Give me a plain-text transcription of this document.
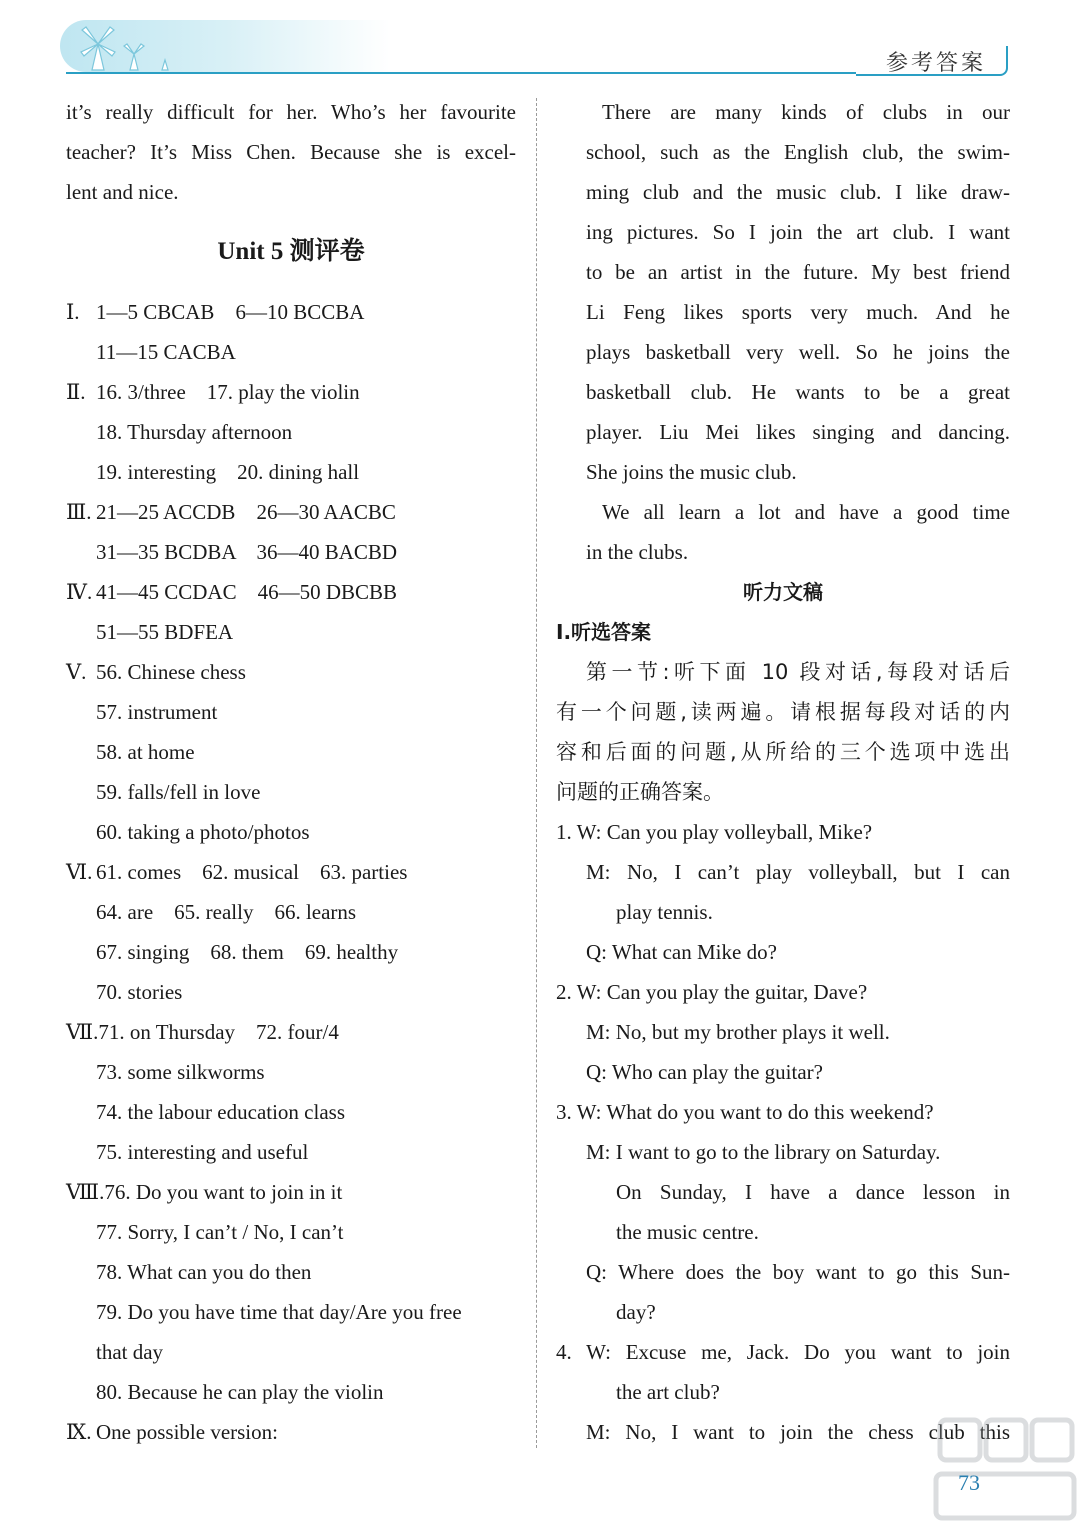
参考答案
it’s really difficult for her. Who’s her favourite
teacher? It’s Miss Chen. Because she is excel-
lent and nice.
Unit 5 测评卷
Ⅰ. 1—5 CBCAB    6—10 BCCBA
11—15 CACBA
Ⅱ. 16. 3/three    17. play the violin
18. Thursday afternoon
19. interesting    20. dining hall
Ⅲ. 21—25 ACCDB    26—30 AACBC
31—35 BCDBA    36—40 BACBD
Ⅳ. 41—45 CCDAC    46—50 DBCBB
51—55 BDFEA
Ⅴ. 56. Chinese chess
57. instrument
58. at home
59. falls/fell in love
60. taking a photo/photos
Ⅵ. 61. comes    62. musical    63. parties
64. are    65. really    66. learns
67. singing    68. them    69. healthy
70. stories
Ⅶ.71. on Thursday    72. four/4
73. some silkworms
74. the labour education class
75. interesting and useful
Ⅷ.76. Do you want to join in it
77. Sorry, I can’t / No, I can’t
78. What can you do then
79. Do you have time that day/Are you free
that day
80. Because he can play the violin
Ⅸ. One possible version:
There are many kinds of clubs in our
school, such as the English club, the swim-
ming club and the music club. I like draw-
ing pictures. So I join the art club. I want
to be an artist in the future. My best friend
Li Feng likes sports very much. And he
plays basketball very well. So he joins the
basketball club. He wants to be a great
player. Liu Mei likes singing and dancing.
She joins the music club.
We all learn a lot and have a good time
in the clubs.
听力文稿
Ⅰ.听选答案
第一节:听下面 10 段对话,每段对话后
有一个问题,读两遍。请根据每段对话的内
容和后面的问题,从所给的三个选项中选出
问题的正确答案。
1. W: Can you play volleyball, Mike?
M: No, I can’t play volleyball, but I can
play tennis.
Q: What can Mike do?
2. W: Can you play the guitar, Dave?
M: No, but my brother plays it well.
Q: Who can play the guitar?
3. W: What do you want to do this weekend?
M: I want to go to the library on Saturday.
On Sunday, I have a dance lesson in
the music centre.
Q: Where does the boy want to go this Sun-
day?
4. W: Excuse me, Jack. Do you want to join
the art club?
M: No, I want to join the chess club this
73
